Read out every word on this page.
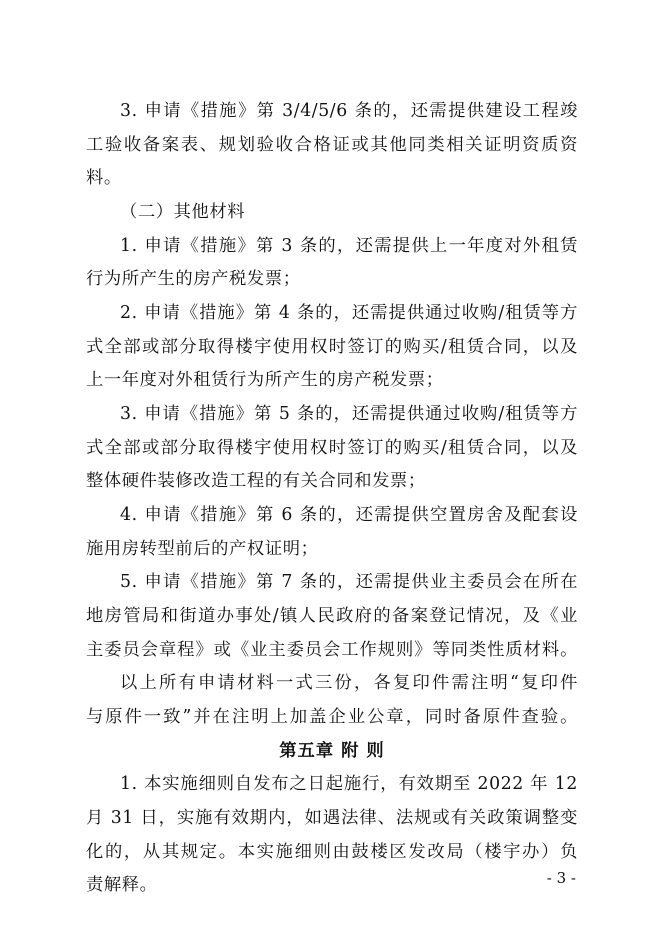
3. 申请《措施》第 3/4/5/6 条的，还需提供建设工程竣
工验收备案表、规划验收合格证或其他同类相关证明资质资
料。
（二）其他材料
1. 申请《措施》第 3 条的，还需提供上一年度对外租赁
行为所产生的房产税发票；
2. 申请《措施》第 4 条的，还需提供通过收购/租赁等方
式全部或部分取得楼宇使用权时签订的购买/租赁合同，以及
上一年度对外租赁行为所产生的房产税发票；
3. 申请《措施》第 5 条的，还需提供通过收购/租赁等方
式全部或部分取得楼宇使用权时签订的购买/租赁合同，以及
整体硬件装修改造工程的有关合同和发票；
4. 申请《措施》第 6 条的，还需提供空置房舍及配套设
施用房转型前后的产权证明；
5. 申请《措施》第 7 条的，还需提供业主委员会在所在
地房管局和街道办事处/镇人民政府的备案登记情况，及《业
主委员会章程》或《业主委员会工作规则》等同类性质材料。
以上所有申请材料一式三份，各复印件需注明“复印件
与原件一致”并在注明上加盖企业公章，同时备原件查验。
第五章 附 则
1. 本实施细则自发布之日起施行，有效期至 2022 年 12
月 31 日，实施有效期内，如遇法律、法规或有关政策调整变
化的，从其规定。本实施细则由鼓楼区发改局（楼宇办）负
责解释。	- 3 -
